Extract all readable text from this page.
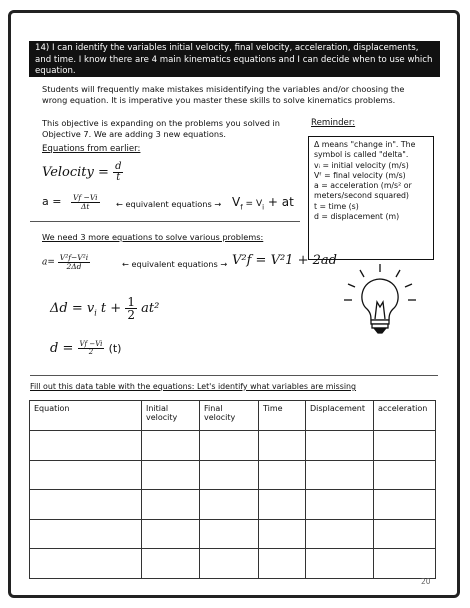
14) I can identify the variables initial velocity, final velocity, acceleration, displacements, and time. I know there are 4 main kinematics equations and I can decide when to use which equation.
Students will frequently make mistakes misidentifying the variables and/or choosing the wrong equation. It is imperative you master these skills to solve kinematics problems.
This objective is expanding on the problems you solved in Objective 7. We are adding 3 new equations.
Reminder:
Δ means "change in". The
symbol is called "delta".
vᵢ = initial velocity (m/s)
Vᶠ = final velocity (m/s)
a = acceleration (m/s² or
meters/second squared)
t = time (s)
d = displacement (m)
Equations from earlier:
Velocity = $\frac{d}{t}$
$a = \frac{Vf -Vi}{\Delta t}$ ← equivalent equations → $V_f = V_i$ + at
We need 3 more equations to solve various problems:
$a= \frac{\text{V²f−V²i}}{2\Delta d}$	← equivalent equations → V²f = V²1 + 2ad
$\Delta d = v_i$ $t + \frac{1}{2} at^2$
$d = \frac{Vf -Vi}{2} (t)$
Fill out this data table with the equations: Let's identify what variables are missing
Equation	Initial velocity	Final velocity	Time	Displacement	acceleration

20
